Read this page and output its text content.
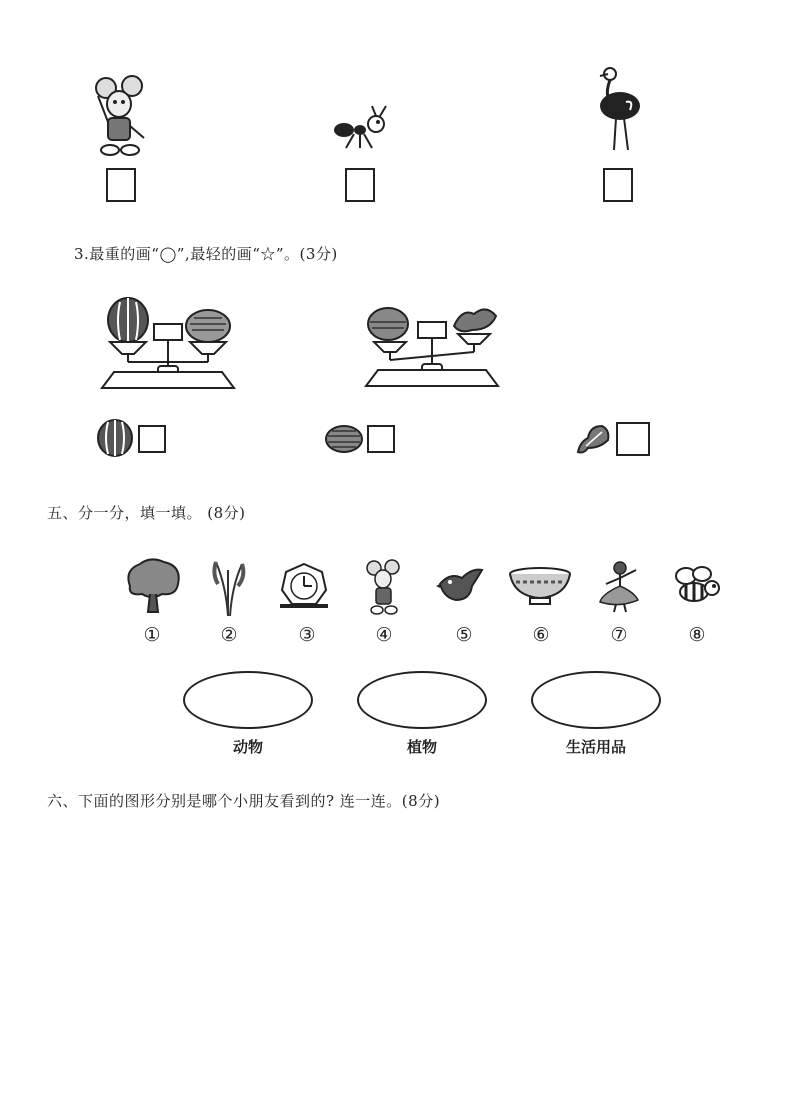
3.最重的画“◯”,最轻的画“☆”。(3分)
五、分一分，填一填。 (8分)
①	②	③	④	⑤	⑥	⑦	⑧
动物	植物	生活用品
六、下面的图形分别是哪个小朋友看到的? 连一连。(8分)
